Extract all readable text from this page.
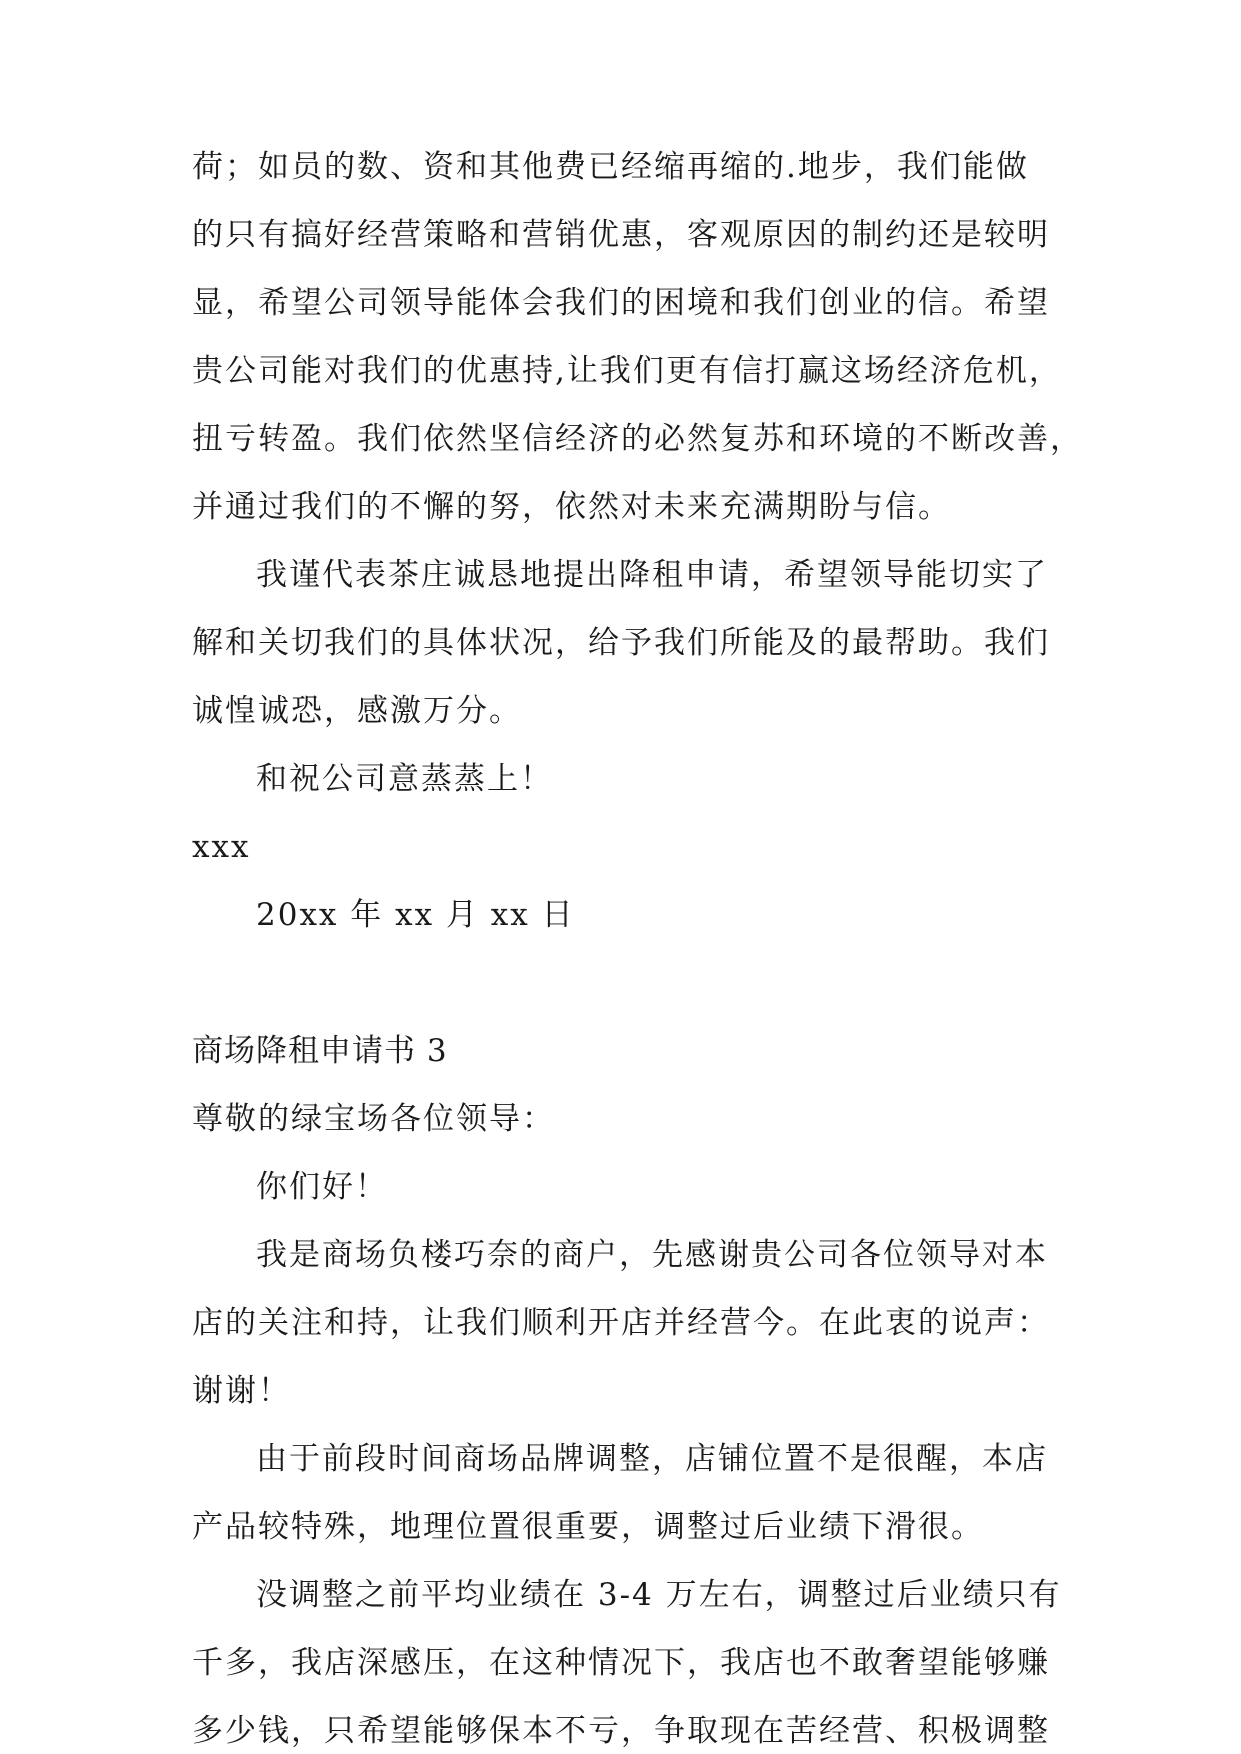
荷；如员的数、资和其他费已经缩再缩的.地步，我们能做
的只有搞好经营策略和营销优惠，客观原因的制约还是较明
显，希望公司领导能体会我们的困境和我们创业的信。希望
贵公司能对我们的优惠持,让我们更有信打赢这场经济危机，
扭亏转盈。我们依然坚信经济的必然复苏和环境的不断改善，
并通过我们的不懈的努，依然对未来充满期盼与信。
我谨代表茶庄诚恳地提出降租申请，希望领导能切实了
解和关切我们的具体状况，给予我们所能及的最帮助。我们
诚惶诚恐，感激万分。
和祝公司意蒸蒸上！
xxx
20xx 年 xx 月 xx 日
商场降租申请书 3
尊敬的绿宝场各位领导：
你们好！
我是商场负楼巧奈的商户，先感谢贵公司各位领导对本
店的关注和持，让我们顺利开店并经营今。在此衷的说声：
谢谢！
由于前段时间商场品牌调整，店铺位置不是很醒，本店
产品较特殊，地理位置很重要，调整过后业绩下滑很。
没调整之前平均业绩在 3-4 万左右，调整过后业绩只有
千多，我店深感压，在这种情况下，我店也不敢奢望能够赚
多少钱，只希望能够保本不亏，争取现在苦经营、积极调整
